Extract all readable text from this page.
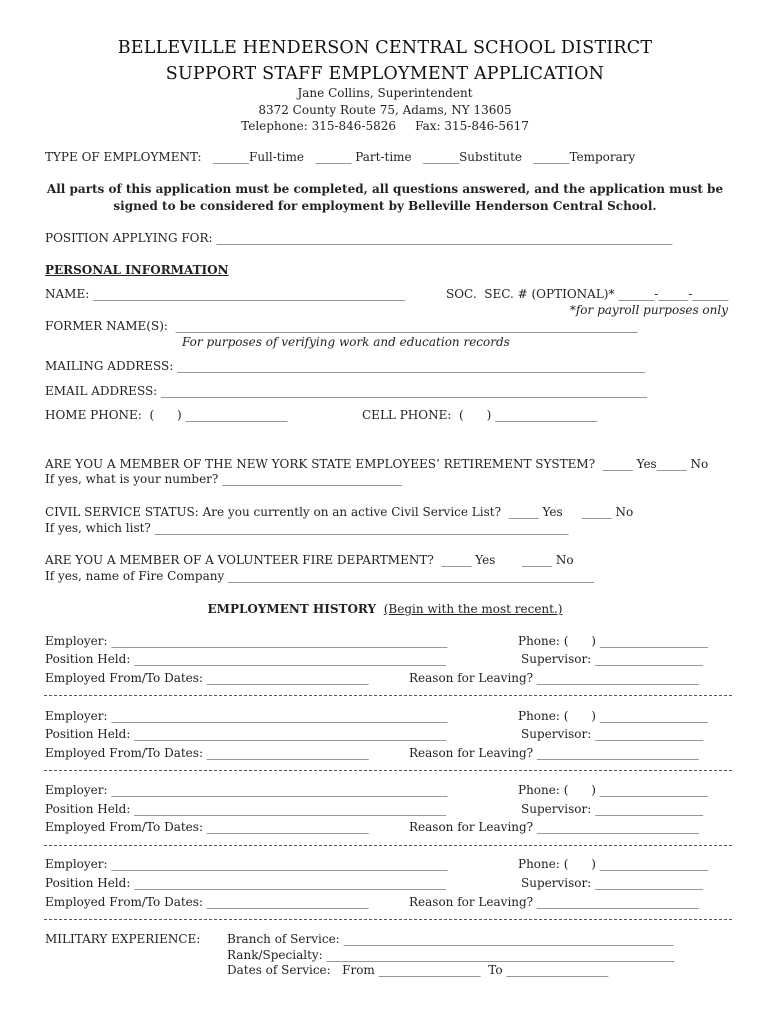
BELLEVILLE HENDERSON CENTRAL SCHOOL DISTIRCT
SUPPORT STAFF EMPLOYMENT APPLICATION
Jane Collins, Superintendent
8372 County Route 75, Adams, NY 13605
Telephone: 315-846-5826     Fax: 315-846-5617
TYPE OF EMPLOYMENT:   ______Full-time   ______ Part-time   ______Substitute   ______Temporary
All parts of this application must be completed, all questions answered, and the application must be
signed to be considered for employment by Belleville Henderson Central School.
POSITION APPLYING FOR: ____________________________________________________________________________
PERSONAL INFORMATION
NAME: ____________________________________________________	SOC.  SEC. # (OPTIONAL)* ______-_____-______
*for payroll purposes only
FORMER NAME(S):  _____________________________________________________________________________
For purposes of verifying work and education records
MAILING ADDRESS: ______________________________________________________________________________
EMAIL ADDRESS: _________________________________________________________________________________
HOME PHONE:  (      ) _________________	CELL PHONE:  (      ) _________________
ARE YOU A MEMBER OF THE NEW YORK STATE EMPLOYEES’ RETIREMENT SYSTEM?  _____ Yes_____ No
If yes, what is your number? ______________________________
CIVIL SERVICE STATUS: Are you currently on an active Civil Service List?  _____ Yes     _____ No
If yes, which list? _____________________________________________________________________
ARE YOU A MEMBER OF A VOLUNTEER FIRE DEPARTMENT?  _____ Yes       _____ No
If yes, name of Fire Company _____________________________________________________________
EMPLOYMENT HISTORY (Begin with the most recent.)
Employer: ________________________________________________________	Phone: (      ) __________________
Position Held: ____________________________________________________	Supervisor: __________________
Employed From/To Dates: ___________________________	Reason for Leaving? ___________________________
Employer: ________________________________________________________	Phone: (      ) __________________
Position Held: ____________________________________________________	Supervisor: __________________
Employed From/To Dates: ___________________________	Reason for Leaving? ___________________________
Employer: ________________________________________________________	Phone: (      ) __________________
Position Held: ____________________________________________________	Supervisor: __________________
Employed From/To Dates: ___________________________	Reason for Leaving? ___________________________
Employer: ________________________________________________________	Phone: (      ) __________________
Position Held: ____________________________________________________	Supervisor: __________________
Employed From/To Dates: ___________________________	Reason for Leaving? ___________________________
MILITARY EXPERIENCE: Branch of Service: _______________________________________________________
Rank/Specialty: __________________________________________________________
Dates of Service:   From _________________  To _________________
